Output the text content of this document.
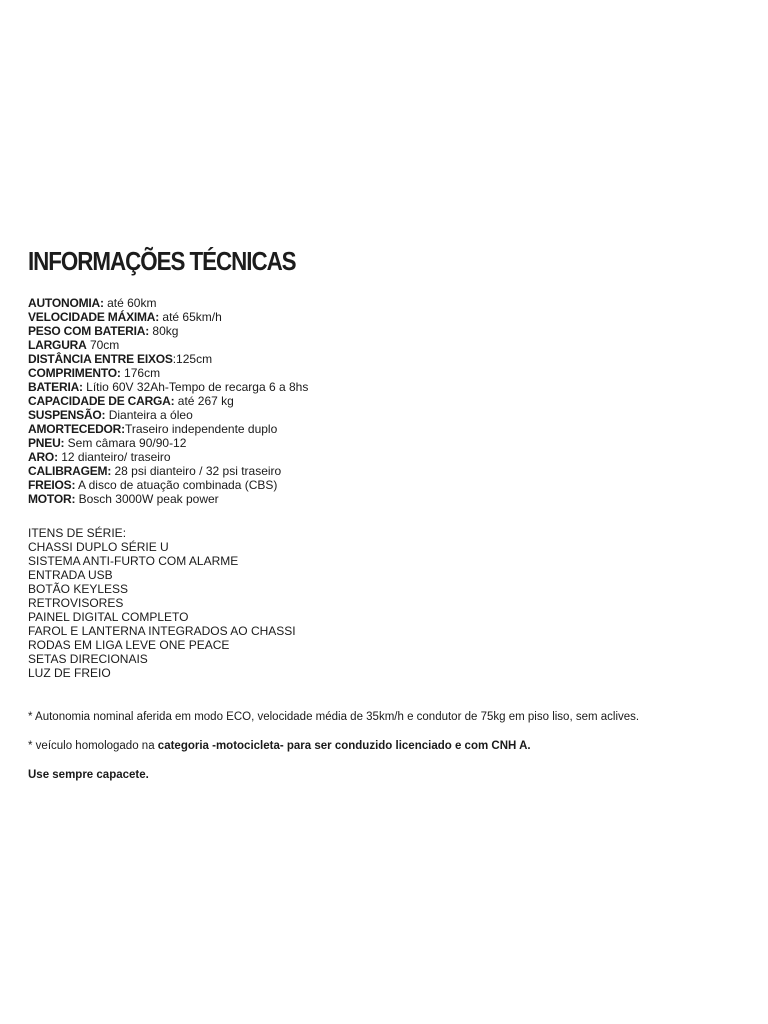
INFORMAÇÕES TÉCNICAS
AUTONOMIA: até 60km
VELOCIDADE MÁXIMA: até 65km/h
PESO COM BATERIA: 80kg
LARGURA 70cm
DISTÂNCIA ENTRE EIXOS:125cm
COMPRIMENTO: 176cm
BATERIA: Lítio 60V 32Ah-Tempo de recarga 6 a 8hs
CAPACIDADE DE CARGA: até 267 kg
SUSPENSÃO: Dianteira a óleo
AMORTECEDOR:Traseiro independente duplo
PNEU: Sem câmara 90/90-12
ARO: 12 dianteiro/ traseiro
CALIBRAGEM: 28 psi dianteiro / 32 psi traseiro
FREIOS: A disco de atuação combinada (CBS)
MOTOR: Bosch 3000W peak power
ITENS DE SÉRIE:
CHASSI DUPLO SÉRIE U
SISTEMA ANTI-FURTO COM ALARME
ENTRADA USB
BOTÃO KEYLESS
RETROVISORES
PAINEL DIGITAL COMPLETO
FAROL E LANTERNA INTEGRADOS AO CHASSI
RODAS EM LIGA LEVE ONE PEACE
SETAS DIRECIONAIS
LUZ DE FREIO

* Autonomia nominal aferida em modo ECO, velocidade média de 35km/h e condutor de 75kg em piso liso, sem aclives.

* veículo homologado na categoria -motocicleta- para ser conduzido licenciado e com CNH A.

Use sempre capacete.
